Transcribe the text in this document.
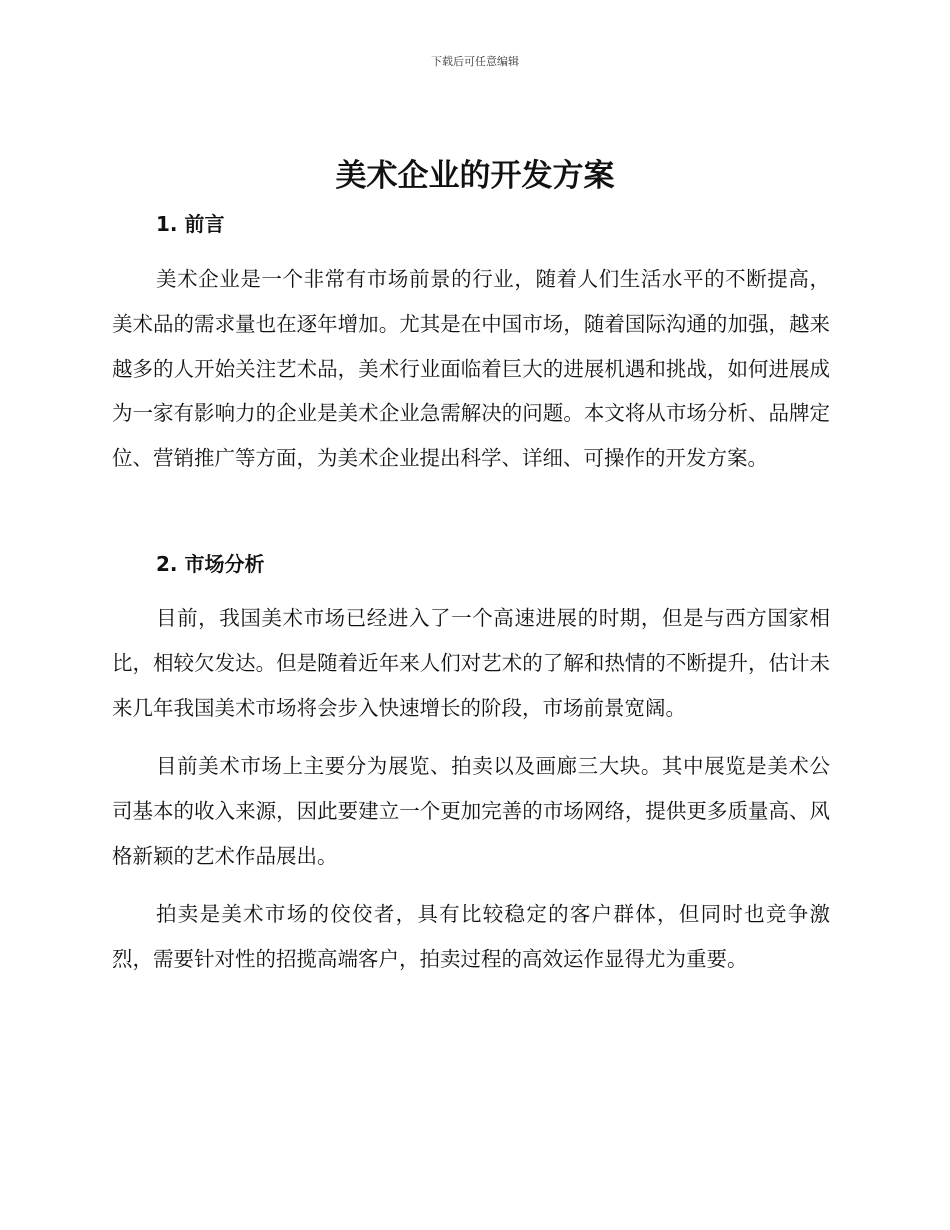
下载后可任意编辑
美术企业的开发方案
1. 前言

美术企业是一个非常有市场前景的行业，随着人们生活水平的不断提高，美术品的需求量也在逐年增加。尤其是在中国市场，随着国际沟通的加强，越来越多的人开始关注艺术品，美术行业面临着巨大的进展机遇和挑战，如何进展成为一家有影响力的企业是美术企业急需解决的问题。本文将从市场分析、品牌定位、营销推广等方面，为美术企业提出科学、详细、可操作的开发方案。

2. 市场分析

目前，我国美术市场已经进入了一个高速进展的时期，但是与西方国家相比，相较欠发达。但是随着近年来人们对艺术的了解和热情的不断提升，估计未来几年我国美术市场将会步入快速增长的阶段，市场前景宽阔。

目前美术市场上主要分为展览、拍卖以及画廊三大块。其中展览是美术公司基本的收入来源，因此要建立一个更加完善的市场网络，提供更多质量高、风格新颖的艺术作品展出。

拍卖是美术市场的佼佼者，具有比较稳定的客户群体，但同时也竞争激烈，需要针对性的招揽高端客户，拍卖过程的高效运作显得尤为重要。
